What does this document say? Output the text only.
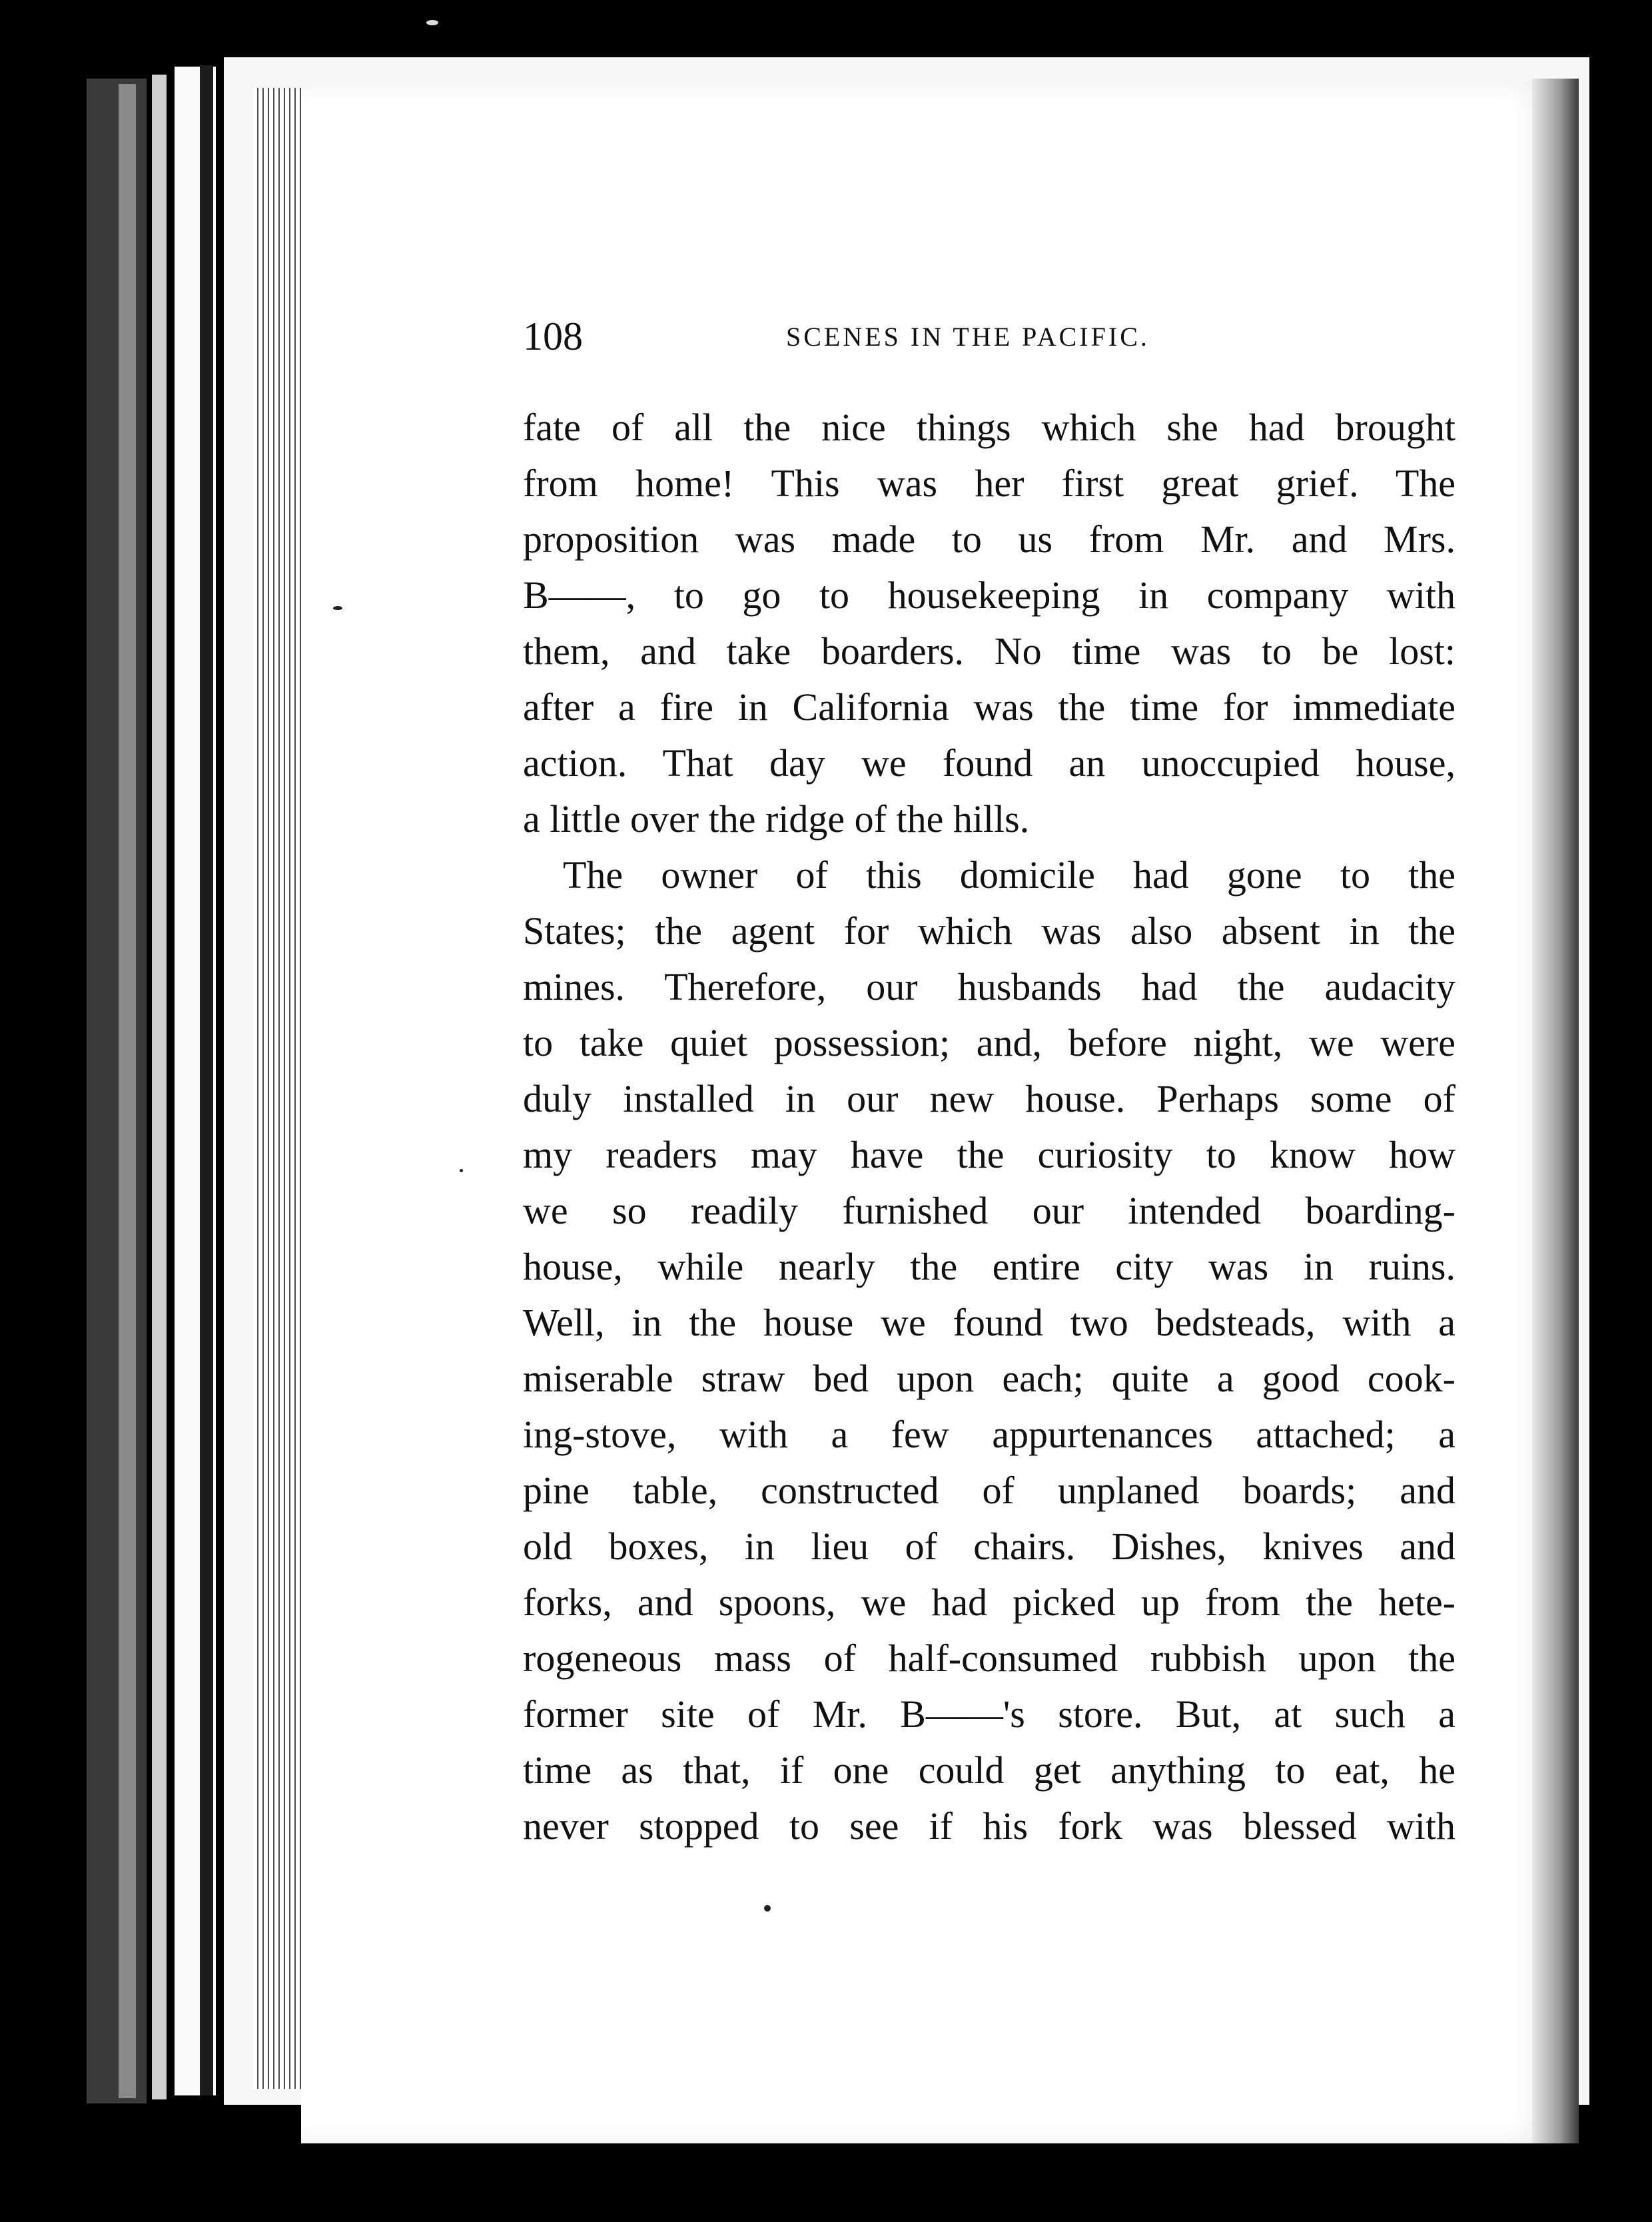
108	SCENES IN THE PACIFIC.
fate of all the nice things which she had brought
from home! This was her first great grief. The
proposition was made to us from Mr. and Mrs.
B——, to go to housekeeping in company with
them, and take boarders. No time was to be lost:
after a fire in California was the time for immediate
action. That day we found an unoccupied house,
a little over the ridge of the hills.
The owner of this domicile had gone to the
States; the agent for which was also absent in the
mines. Therefore, our husbands had the audacity
to take quiet possession; and, before night, we were
duly installed in our new house. Perhaps some of
my readers may have the curiosity to know how
we so readily furnished our intended boarding-
house, while nearly the entire city was in ruins.
Well, in the house we found two bedsteads, with a
miserable straw bed upon each; quite a good cook-
ing-stove, with a few appurtenances attached; a
pine table, constructed of unplaned boards; and
old boxes, in lieu of chairs. Dishes, knives and
forks, and spoons, we had picked up from the hete-
rogeneous mass of half-consumed rubbish upon the
former site of Mr. B——'s store. But, at such a
time as that, if one could get anything to eat, he
never stopped to see if his fork was blessed with
